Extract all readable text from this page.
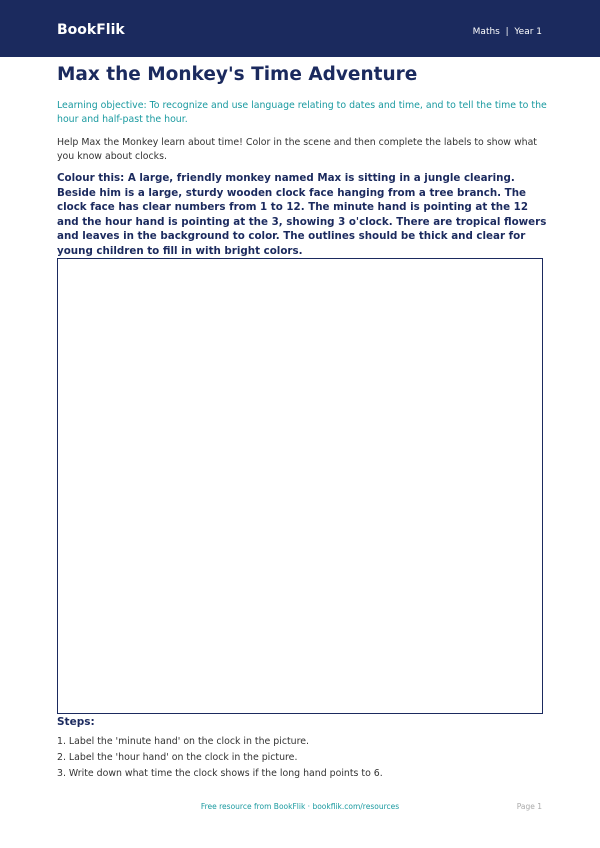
BookFlik	Maths  |  Year 1
Max the Monkey's Time Adventure

Learning objective: To recognize and use language relating to dates and time, and to tell the time to the hour and half-past the hour.

Help Max the Monkey learn about time! Color in the scene and then complete the labels to show what you know about clocks.

Colour this: A large, friendly monkey named Max is sitting in a jungle clearing. Beside him is a large, sturdy wooden clock face hanging from a tree branch. The clock face has clear numbers from 1 to 12. The minute hand is pointing at the 12 and the hour hand is pointing at the 3, showing 3 o'clock. There are tropical flowers and leaves in the background to color. The outlines should be thick and clear for young children to fill in with bright colors.

Steps:
1. Label the 'minute hand' on the clock in the picture.
2. Label the 'hour hand' on the clock in the picture.
3. Write down what time the clock shows if the long hand points to 6.
Free resource from BookFlik · bookflik.com/resources	Page 1
